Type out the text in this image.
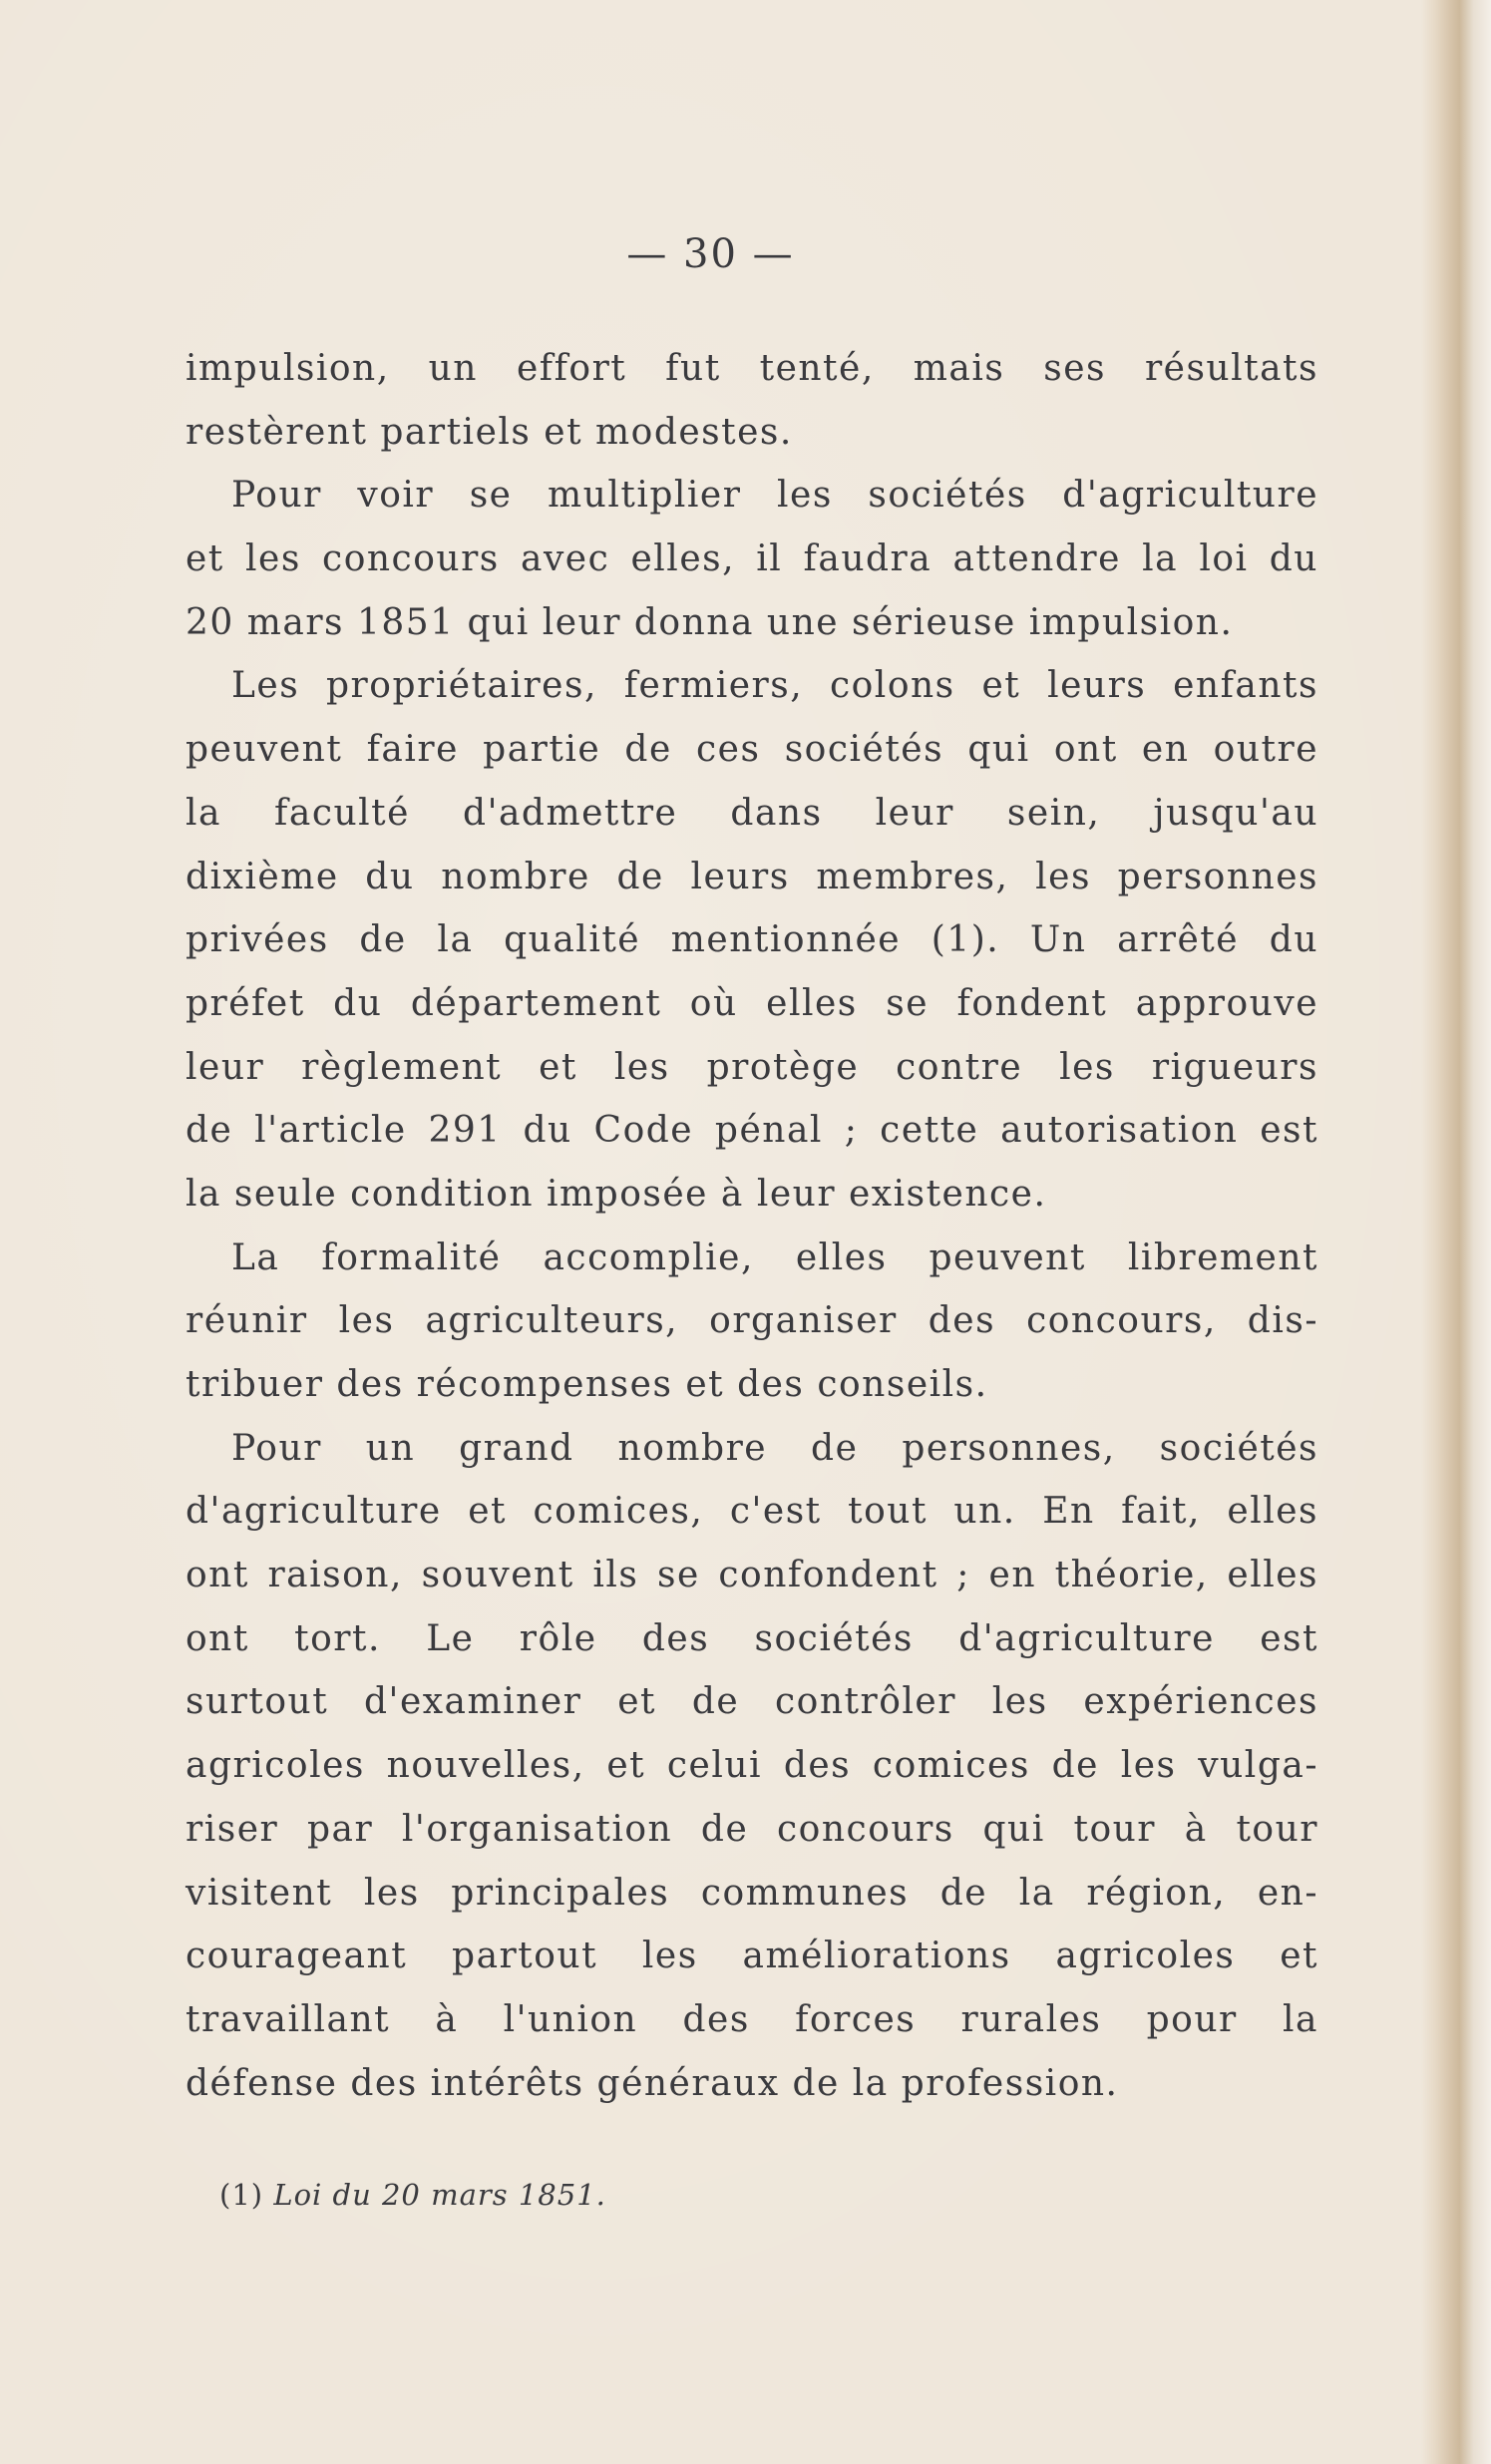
— 30 —
impulsion, un effort fut tenté, mais ses résultats
restèrent partiels et modestes.
Pour voir se multiplier les sociétés d'agriculture
et les concours avec elles, il faudra attendre la loi du
20 mars 1851 qui leur donna une sérieuse impulsion.
Les propriétaires, fermiers, colons et leurs enfants
peuvent faire partie de ces sociétés qui ont en outre
la faculté d'admettre dans leur sein, jusqu'au
dixième du nombre de leurs membres, les personnes
privées de la qualité mentionnée (1). Un arrêté du
préfet du département où elles se fondent approuve
leur règlement et les protège contre les rigueurs
de l'article 291 du Code pénal ; cette autorisation est
la seule condition imposée à leur existence.
La formalité accomplie, elles peuvent librement
réunir les agriculteurs, organiser des concours, dis-
tribuer des récompenses et des conseils.
Pour un grand nombre de personnes, sociétés
d'agriculture et comices, c'est tout un. En fait, elles
ont raison, souvent ils se confondent ; en théorie, elles
ont tort. Le rôle des sociétés d'agriculture est
surtout d'examiner et de contrôler les expériences
agricoles nouvelles, et celui des comices de les vulga-
riser par l'organisation de concours qui tour à tour
visitent les principales communes de la région, en-
courageant partout les améliorations agricoles et
travaillant à l'union des forces rurales pour la
défense des intérêts généraux de la profession.
(1) Loi du 20 mars 1851.
